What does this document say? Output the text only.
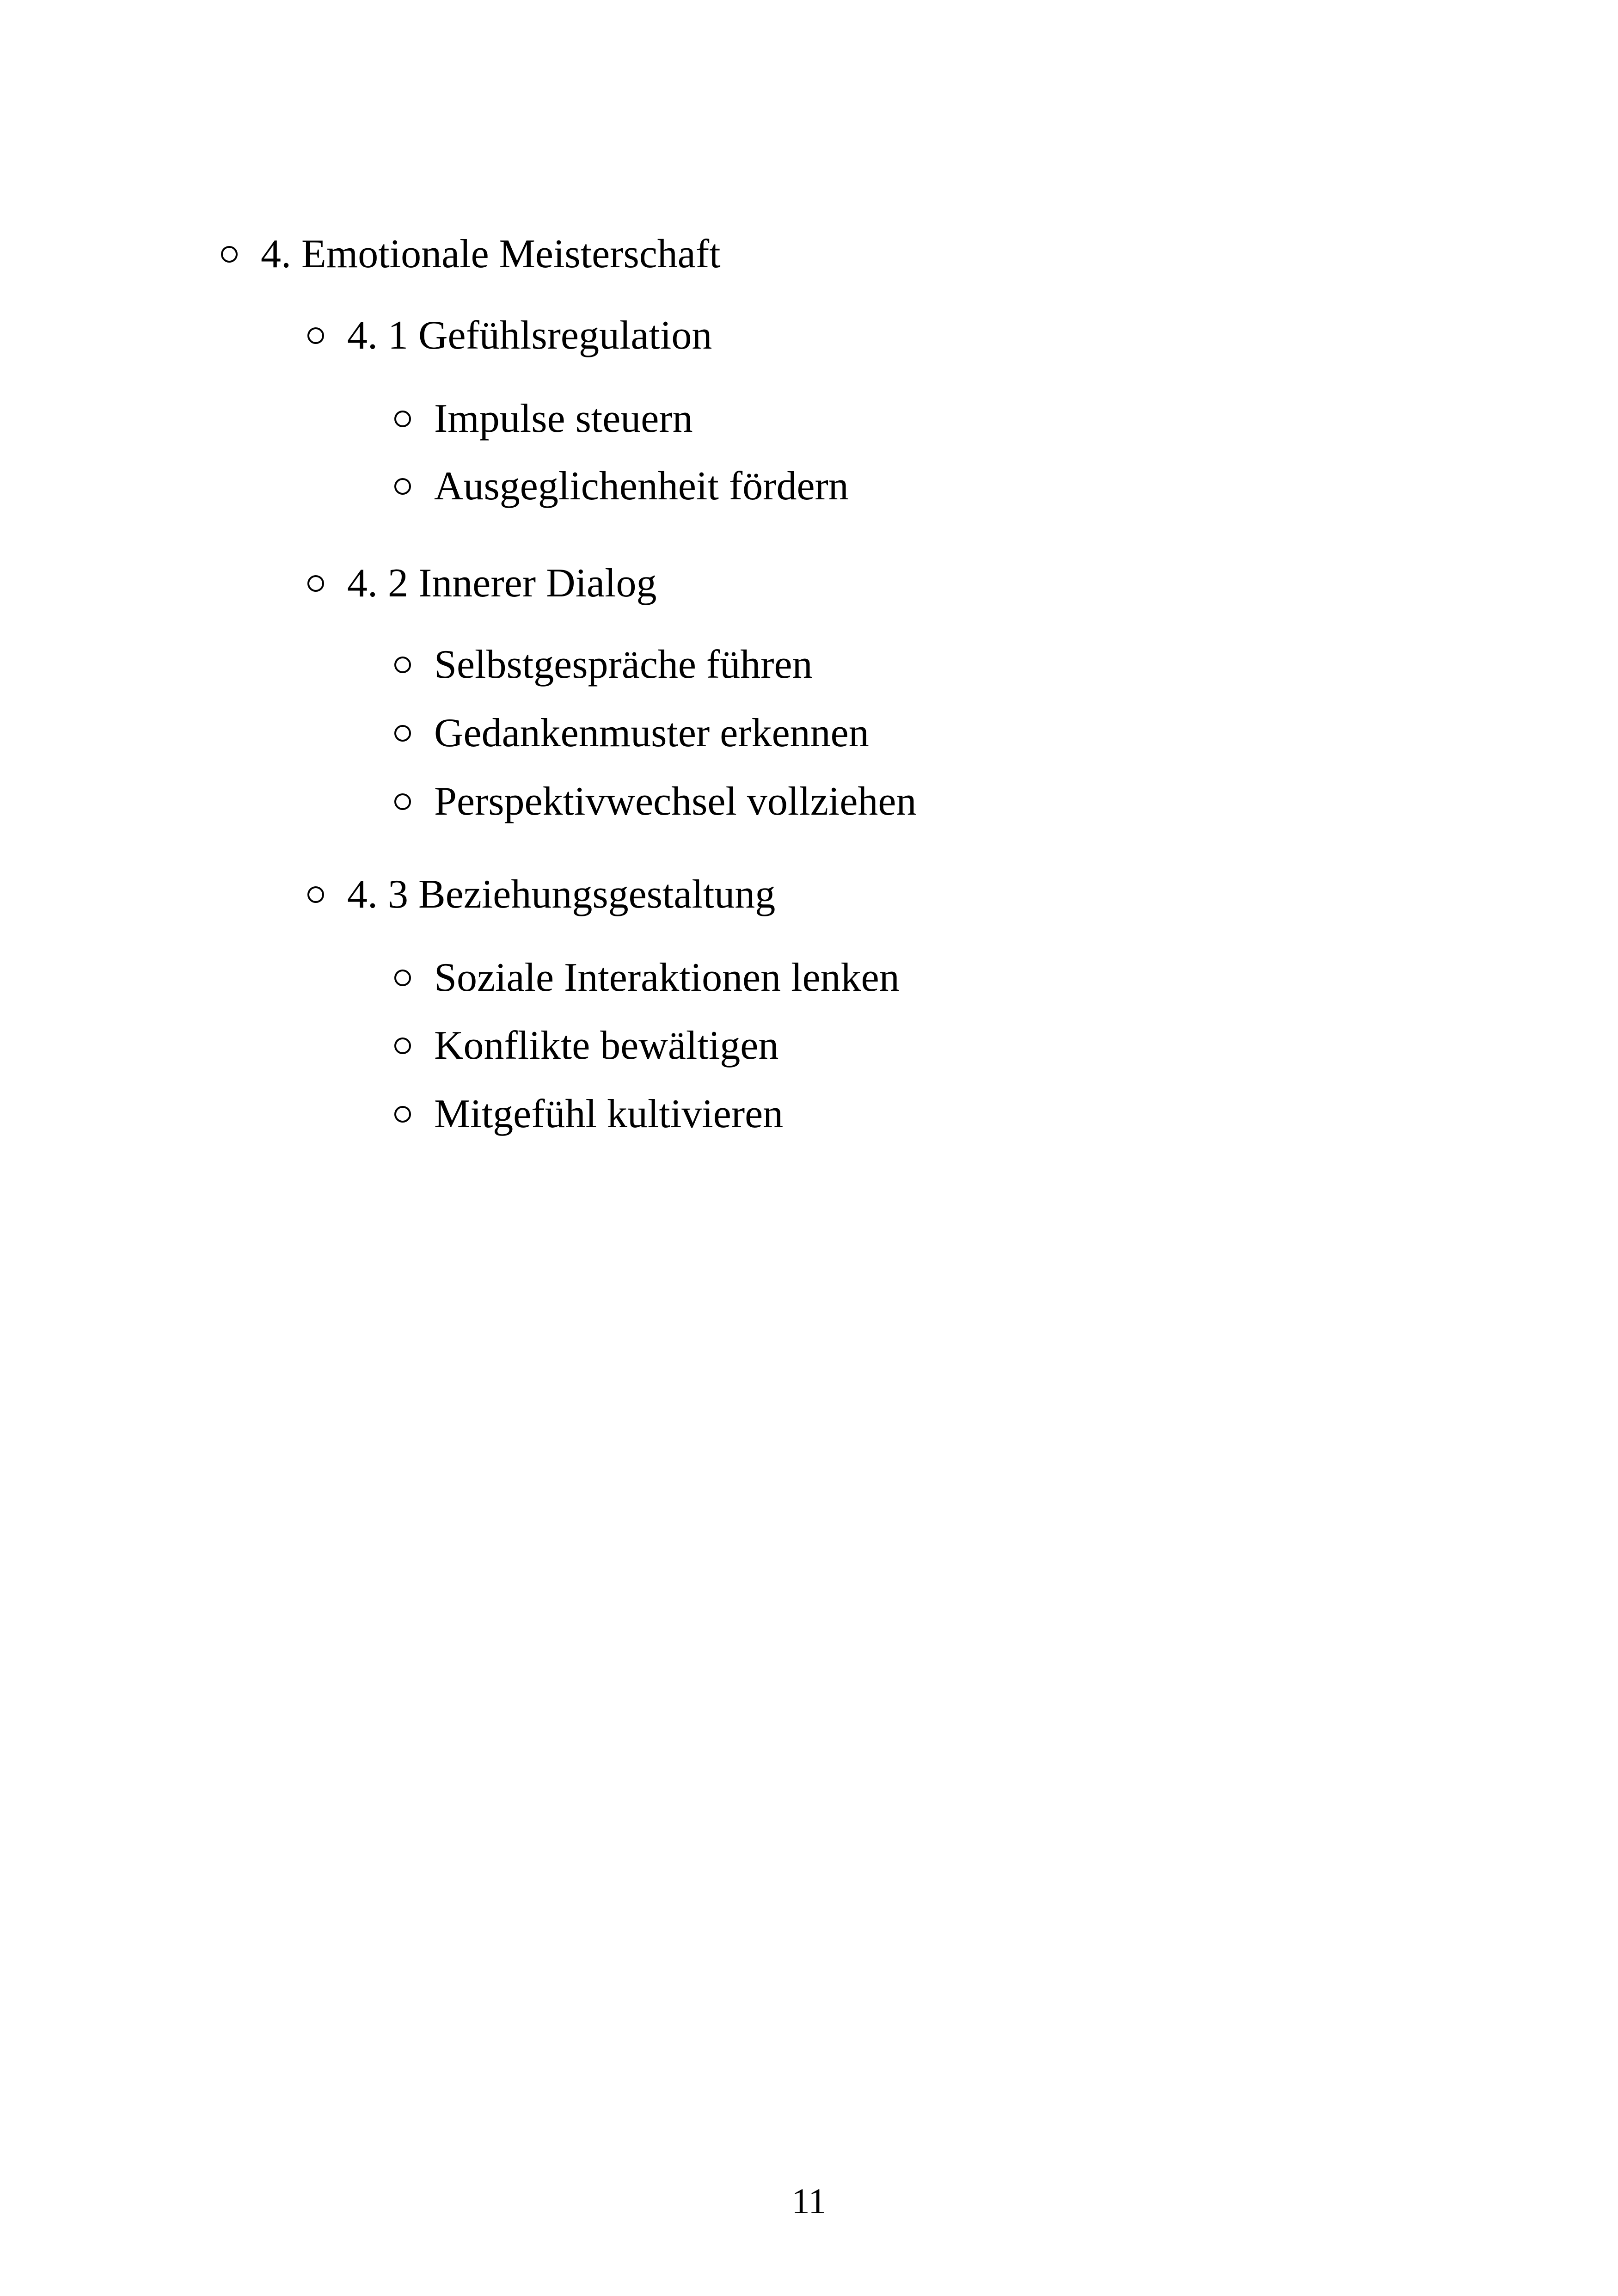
4. Emotionale Meisterschaft
4. 1 Gefühlsregulation
Impulse steuern
Ausgeglichenheit fördern
4. 2 Innerer Dialog
Selbstgespräche führen
Gedankenmuster erkennen
Perspektivwechsel vollziehen
4. 3 Beziehungsgestaltung
Soziale Interaktionen lenken
Konflikte bewältigen
Mitgefühl kultivieren
11
